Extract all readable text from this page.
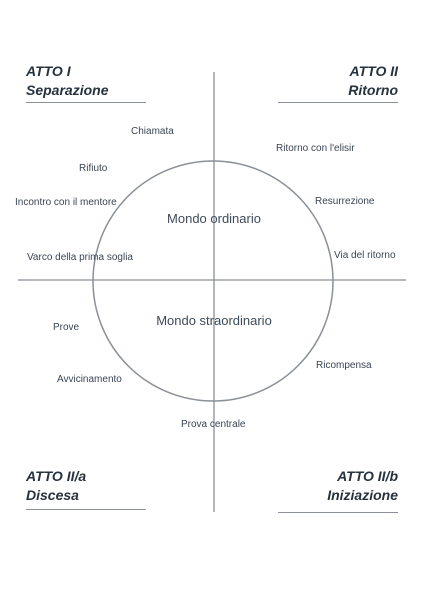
ATTO I
Separazione
ATTO II
Ritorno
ATTO II/a
Discesa
ATTO II/b
Iniziazione
Mondo ordinario
Mondo straordinario
Chiamata
Rifiuto
Incontro con il mentore
Varco della prima soglia
Prove
Avvicinamento
Prova centrale
Ricompensa
Via del ritorno
Resurrezione
Ritorno con l'elisir
